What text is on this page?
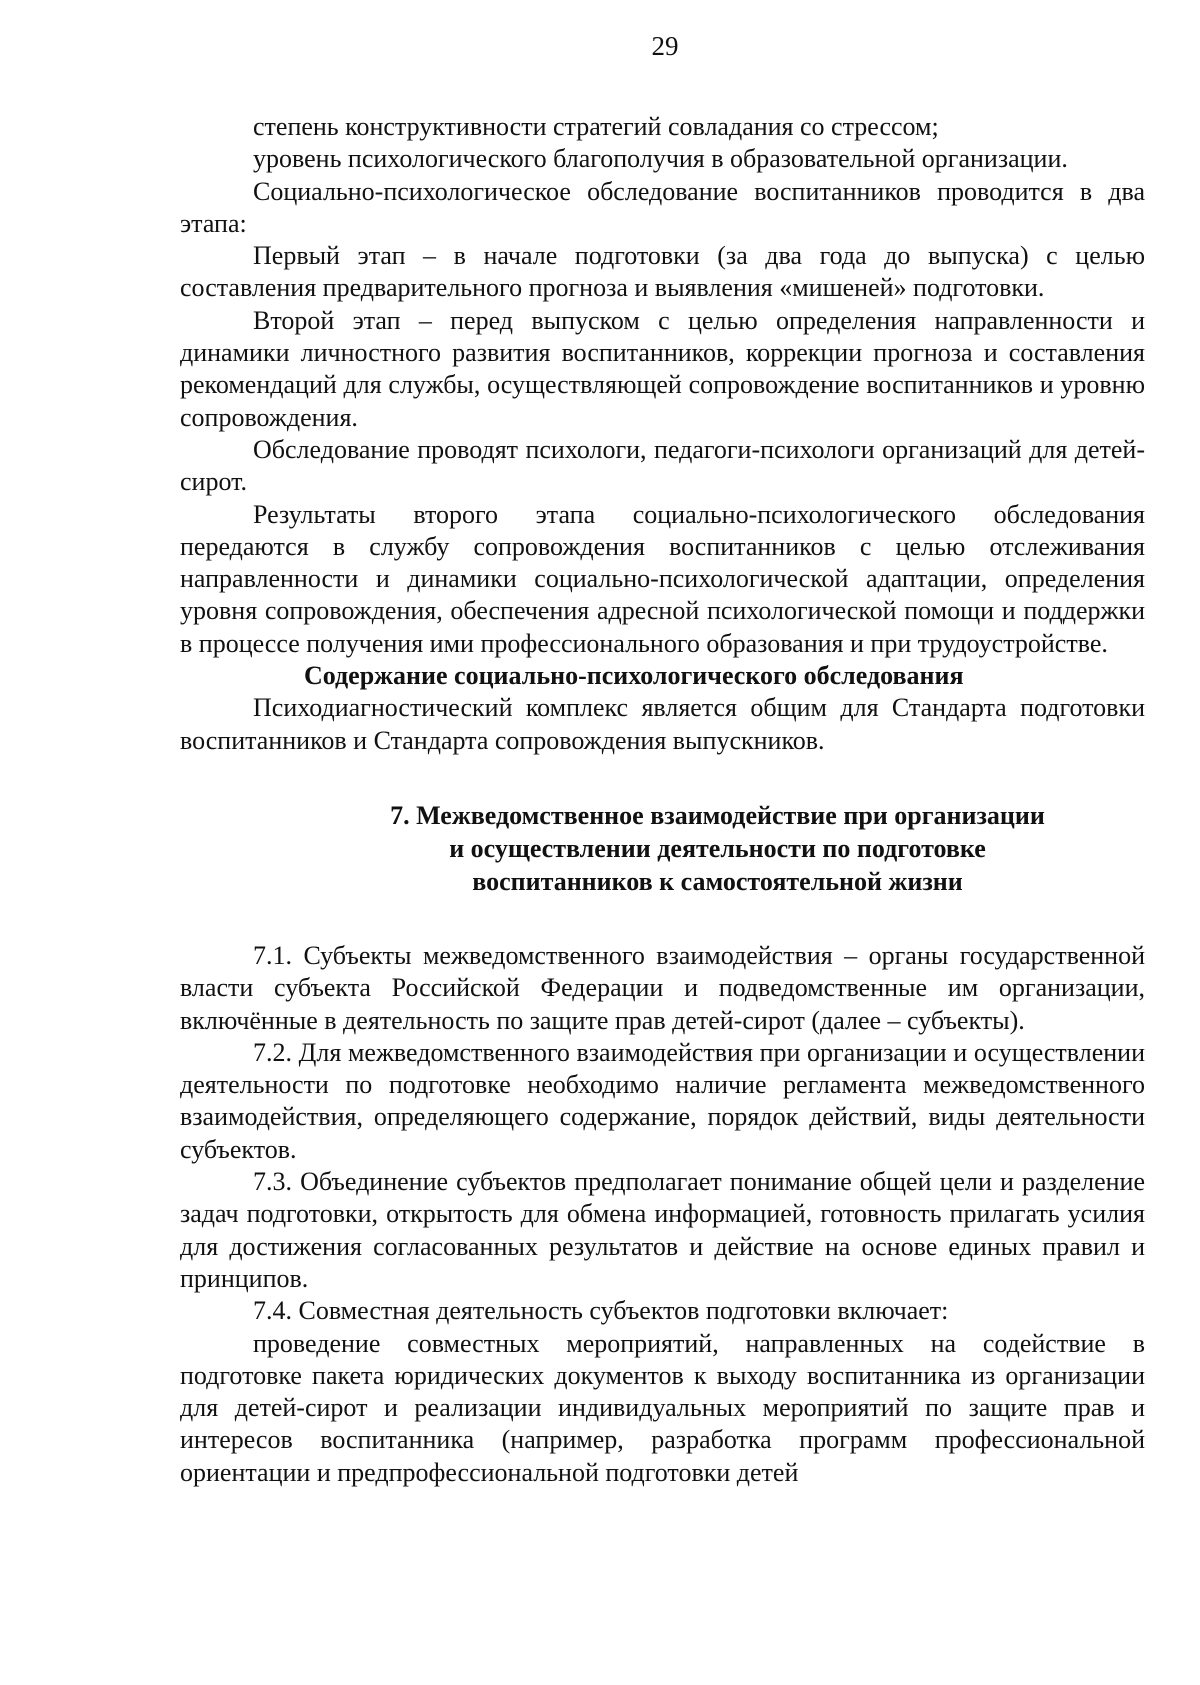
29

степень конструктивности стратегий совладания со стрессом;

уровень психологического благополучия в образовательной организации.

Социально-психологическое обследование воспитанников проводится в два этапа:

Первый этап – в начале подготовки (за два года до выпуска) с целью составления предварительного прогноза и выявления «мишеней» подготовки.

Второй этап – перед выпуском с целью определения направленности и динамики личностного развития воспитанников, коррекции прогноза и составления рекомендаций для службы, осуществляющей сопровождение воспитанников и уровню сопровождения.

Обследование проводят психологи, педагоги-психологи организаций для детей-сирот.

Результаты второго этапа социально-психологического обследования передаются в службу сопровождения воспитанников с целью отслеживания направленности и динамики социально-психологической адаптации, определения уровня сопровождения, обеспечения адресной психологической помощи и поддержки в процессе получения ими профессионального образования и при трудоустройстве.

Содержание социально-психологического обследования

Психодиагностический комплекс является общим для Стандарта подготовки воспитанников и Стандарта сопровождения выпускников.

7. Межведомственное взаимодействие при организации
и осуществлении деятельности по подготовке
воспитанников к самостоятельной жизни

7.1. Субъекты межведомственного взаимодействия – органы государственной власти субъекта Российской Федерации и подведомственные им организации, включённые в деятельность по защите прав детей-сирот (далее – субъекты).

7.2. Для межведомственного взаимодействия при организации и осуществлении деятельности по подготовке необходимо наличие регламента межведомственного взаимодействия, определяющего содержание, порядок действий, виды деятельности субъектов.

7.3. Объединение субъектов предполагает понимание общей цели и разделение задач подготовки, открытость для обмена информацией, готовность прилагать усилия для достижения согласованных результатов и действие на основе единых правил и принципов.

7.4. Совместная деятельность субъектов подготовки включает:

проведение совместных мероприятий, направленных на содействие в подготовке пакета юридических документов к выходу воспитанника из организации для детей-сирот и реализации индивидуальных мероприятий по защите прав и интересов воспитанника (например, разработка программ профессиональной ориентации и предпрофессиональной подготовки детей
